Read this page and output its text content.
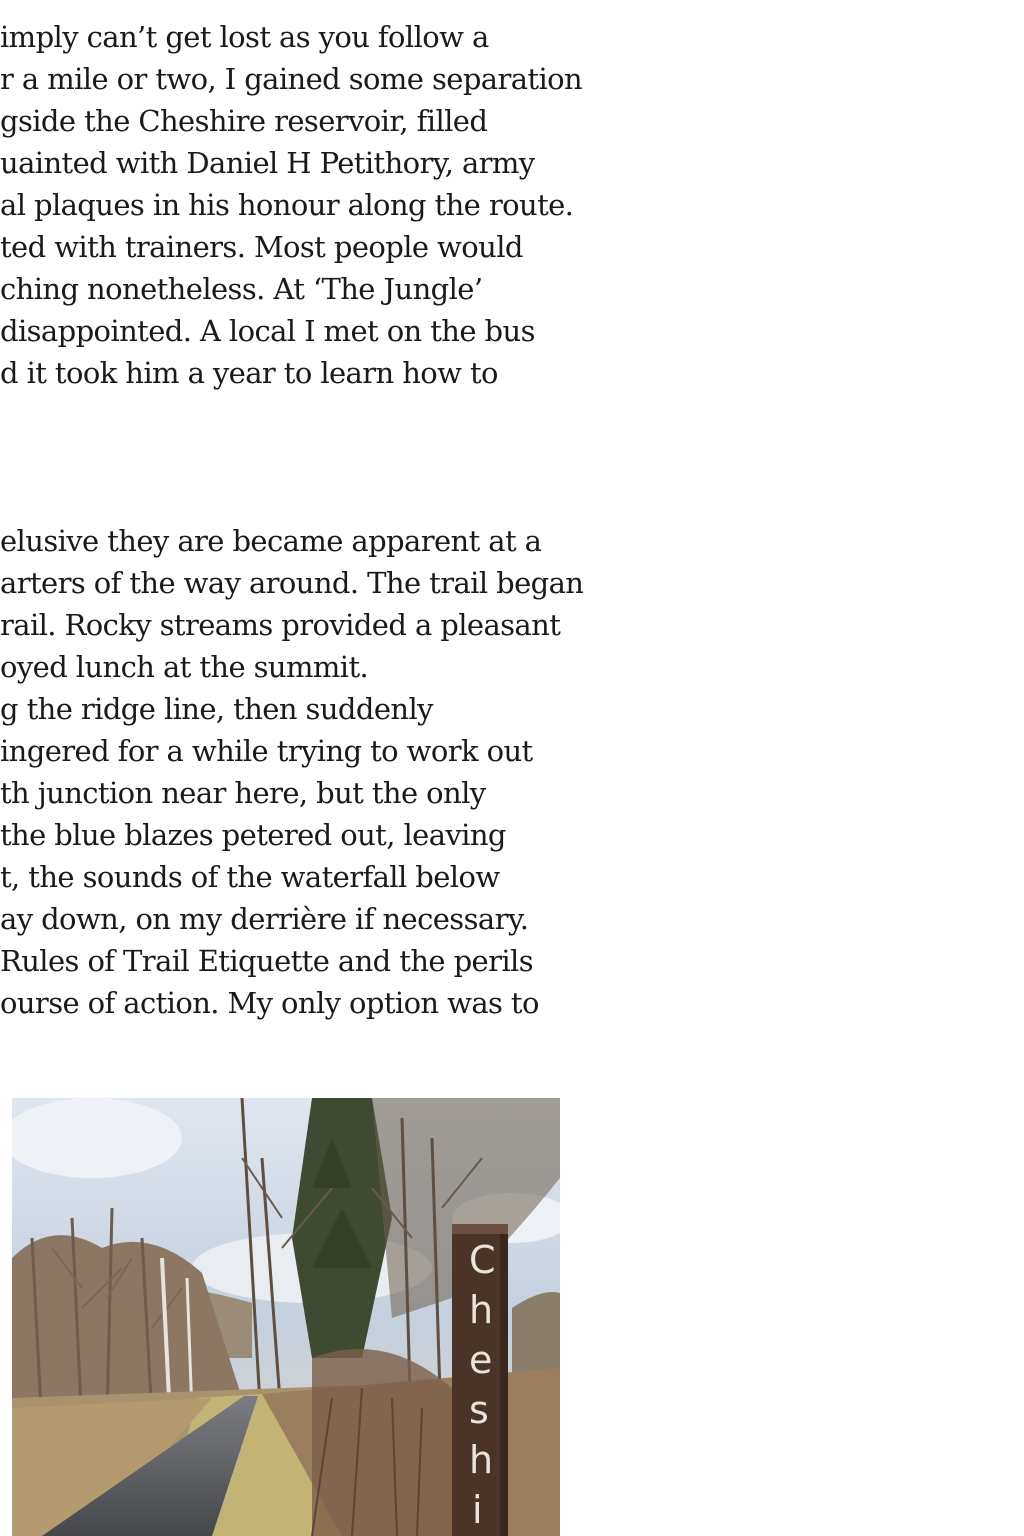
imply can’t get lost as you follow a
r a mile or two, I gained some separation
gside the Cheshire reservoir, filled
uainted with Daniel H Petithory, army
al plaques in his honour along the route.
ted with trainers. Most people would
ching nonetheless. At ‘The Jungle’
disappointed. A local I met on the bus
d it took him a year to learn how to
elusive they are became apparent at a
arters of the way around. The trail began
rail. Rocky streams provided a pleasant
oyed lunch at the summit.
g the ridge line, then suddenly
ingered for a while trying to work out
th junction near here, but the only
the blue blazes petered out, leaving
t, the sounds of the waterfall below
ay down, on my derrière if necessary.
Rules of Trail Etiquette and the perils
ourse of action. My only option was to
C
h
e
s
h
i
